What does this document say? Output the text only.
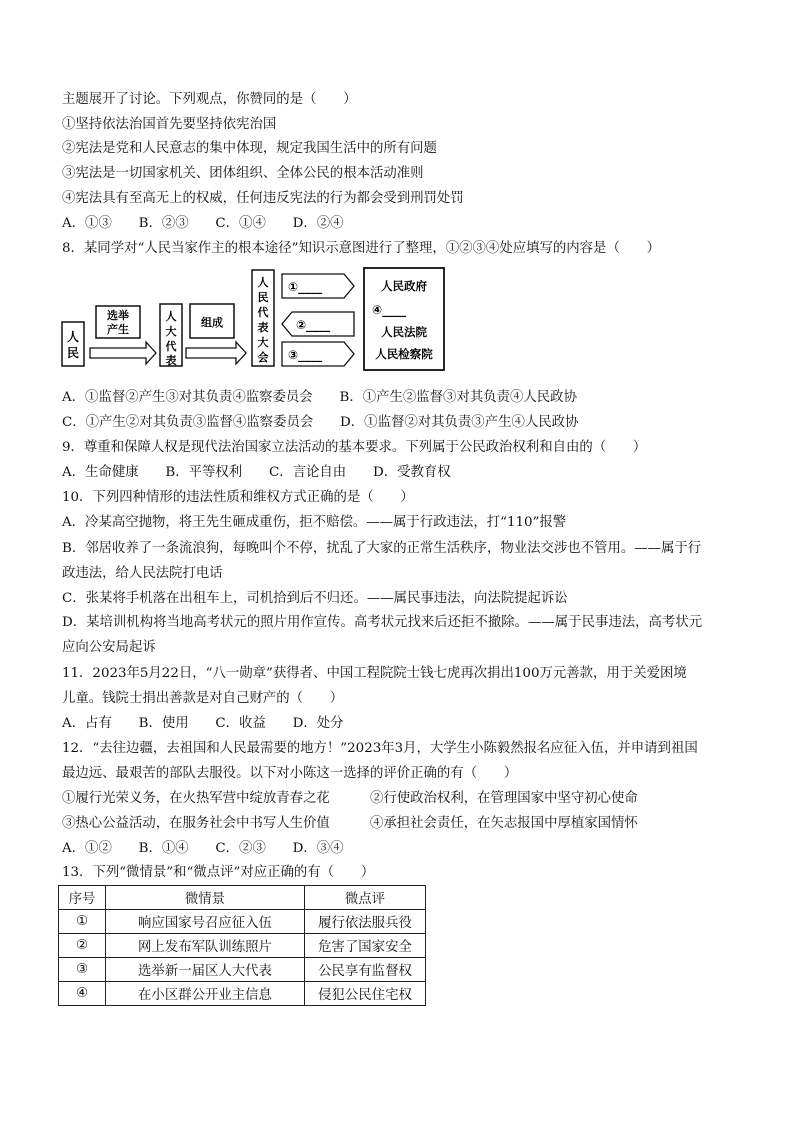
主题展开了讨论。下列观点，你赞同的是（　　）
①坚持依法治国首先要坚持依宪治国
②宪法是党和人民意志的集中体现，规定我国生活中的所有问题
③宪法是一切国家机关、团体组织、全体公民的根本活动准则
④宪法具有至高无上的权威，任何违反宪法的行为都会受到刑罚处罚
A．①③　　B．②③　　C．①④　　D．②④
8．某同学对“人民当家作主的根本途径”知识示意图进行了整理，①②③④处应填写的内容是（　　）
人
民
选举
产生
人
大
代
表
组成
人
民
代
表
大
会
①____
②____
③____
人民政府
④____
人民法院
人民检察院
A．①监督②产生③对其负责④监察委员会　　B．①产生②监督③对其负责④人民政协
C．①产生②对其负责③监督④监察委员会　　D．①监督②对其负责③产生④人民政协
9．尊重和保障人权是现代法治国家立法活动的基本要求。下列属于公民政治权利和自由的（　　）
A．生命健康　　B．平等权利　　C．言论自由　　D．受教育权
10．下列四种情形的违法性质和维权方式正确的是（　　）
A．冷某高空抛物，将王先生砸成重伤，拒不赔偿。——属于行政违法，打“110”报警
B．邻居收养了一条流浪狗，每晚叫个不停，扰乱了大家的正常生活秩序，物业法交涉也不管用。——属于行
政违法，给人民法院打电话
C．张某将手机落在出租车上，司机拾到后不归还。——属民事违法，向法院提起诉讼
D．某培训机构将当地高考状元的照片用作宣传。高考状元找来后还拒不撤除。——属于民事违法，高考状元
应向公安局起诉
11．2023年5月22日，“八一勋章”获得者、中国工程院院士钱七虎再次捐出100万元善款，用于关爱困境
儿童。钱院士捐出善款是对自己财产的（　　）
A．占有　　B．使用　　C．收益　　D．处分
12．“去往边疆，去祖国和人民最需要的地方！”2023年3月，大学生小陈毅然报名应征入伍，并申请到祖国
最边远、最艰苦的部队去服役。以下对小陈这一选择的评价正确的有（　　）
①履行光荣义务，在火热军营中绽放青春之花	②行使政治权利，在管理国家中坚守初心使命
③热心公益活动，在服务社会中书写人生价值	④承担社会责任，在矢志报国中厚植家国情怀
A．①②　　B．①④　　C．②③　　D．③④
13．下列“微情景”和“微点评”对应正确的有（　　）
序号	微情景	微点评
①	响应国家号召应征入伍	履行依法服兵役
②	网上发布军队训练照片	危害了国家安全
③	选举新一届区人大代表	公民享有监督权
④	在小区群公开业主信息	侵犯公民住宅权
